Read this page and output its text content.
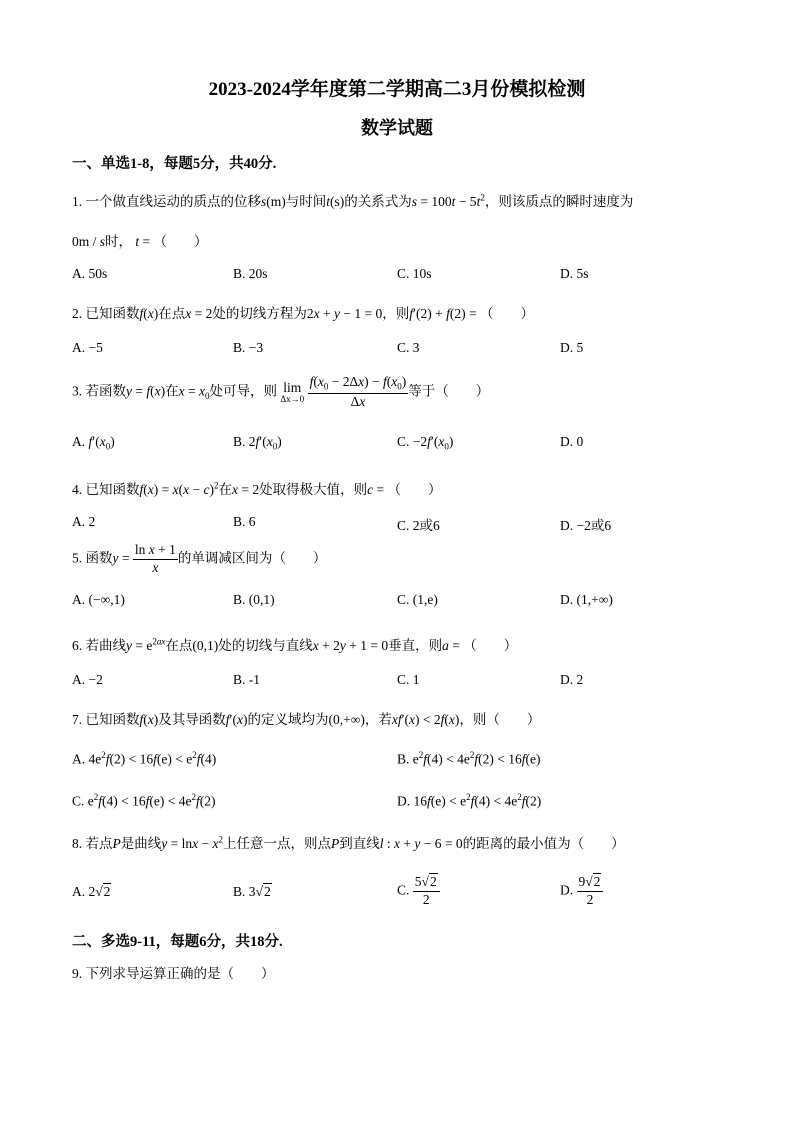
2023-2024学年度第二学期高二3月份模拟检测
数学试题
一、单选1-8，每题5分，共40分.
1. 一个做直线运动的质点的位移s(m)与时间t(s)的关系式为$s = 100t - 5t^2$，则该质点的瞬时速度为
0m / s时， t = （　　）
A. 50s	B. 20s	C. 10s	D. 5s
2. 已知函数f(x)在点x = 2处的切线方程为2x + y − 1 = 0，则f′(2) + f(2) = （　　）
A. −5	B. −3	C. 3	D. 5
3. 若函数y = f(x)在$x = x_0$处可导，则 lim
Δx→0
$\frac{f(x_0 - 2\Delta x) - f(x_0)}{\Delta x}$ 等于（　　）
A. $f'(x_0)$	B. $2f'(x_0)$	C. $-2f'(x_0)$	D. 0
4. 已知函数$f(x) = x(x - c)^2$在x = 2处取得极大值，则c = （　　）
A. 2	B. 6	C. 2或6	D. −2或6
5. 函数$y = \frac{\text{ln x + 1}}{x}$ 的单调减区间为（　　）
A. (−∞,1)	B. (0,1)	C. (1,e)	D. (1,+∞)
6. 若曲线$y = e^{2ax}$在点(0,1)处的切线与直线x + 2y + 1 = 0垂直，则a = （　　）
A. −2	B. -1	C. 1	D. 2
7. 已知函数f(x)及其导函数f′(x)的定义域均为(0,+∞)，若xf′(x) < 2f(x)，则（　　）
A. $4e^2f(2) < 16f(e) < e^2f(4)$	B. $e^2f(4) < 4e^2f(2) < 16f(e)$
C. $e^2f(4) < 16f(e) < 4e^2f(2)$	D. $16f(e) < e^2f(4) < 4e^2f(2)$
8. 若点P是曲线$y = \ln x - x^2$上任意一点，则点P到直线l : x + y − 6 = 0的距离的最小值为（　　）
A. 2√2	B. 3√2	C. $\frac{5√2}{2}$	D. $\frac{9√2}{2}$
二、多选9-11，每题6分，共18分.
9. 下列求导运算正确的是（　　）
